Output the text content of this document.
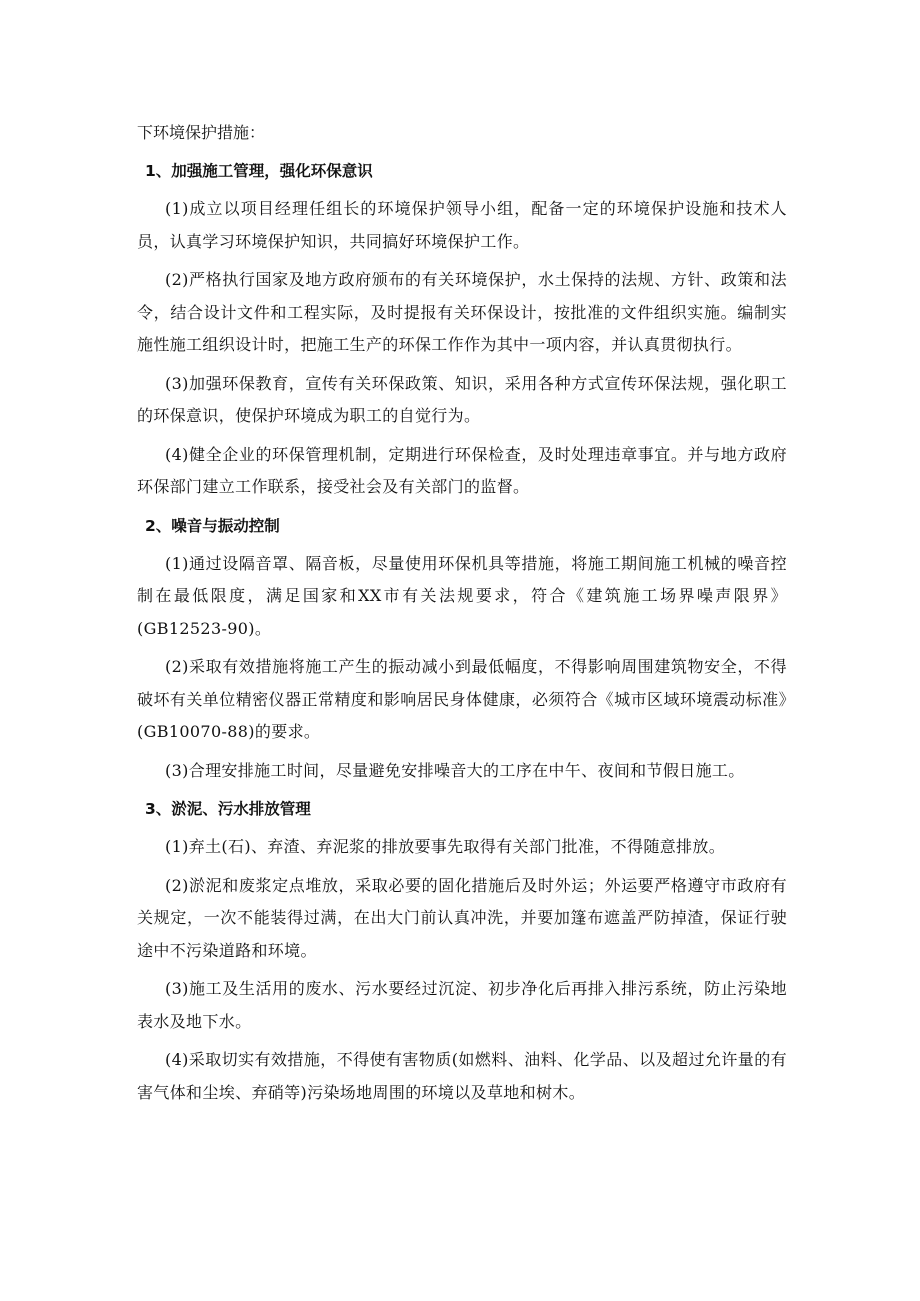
下环境保护措施：

1、加强施工管理，强化环保意识

(1)成立以项目经理任组长的环境保护领导小组，配备一定的环境保护设施和技术人员，认真学习环境保护知识，共同搞好环境保护工作。

(2)严格执行国家及地方政府颁布的有关环境保护，水土保持的法规、方针、政策和法令，结合设计文件和工程实际，及时提报有关环保设计，按批准的文件组织实施。编制实施性施工组织设计时，把施工生产的环保工作作为其中一项内容，并认真贯彻执行。

(3)加强环保教育，宣传有关环保政策、知识，采用各种方式宣传环保法规，强化职工的环保意识，使保护环境成为职工的自觉行为。

(4)健全企业的环保管理机制，定期进行环保检查，及时处理违章事宜。并与地方政府环保部门建立工作联系，接受社会及有关部门的监督。

2、噪音与振动控制

(1)通过设隔音罩、隔音板，尽量使用环保机具等措施，将施工期间施工机械的噪音控制在最低限度，满足国家和XX市有关法规要求，符合《建筑施工场界噪声限界》(GB12523-90)。

(2)采取有效措施将施工产生的振动减小到最低幅度，不得影响周围建筑物安全，不得破坏有关单位精密仪器正常精度和影响居民身体健康，必须符合《城市区域环境震动标准》(GB10070-88)的要求。

(3)合理安排施工时间，尽量避免安排噪音大的工序在中午、夜间和节假日施工。

3、淤泥、污水排放管理

(1)弃土(石)、弃渣、弃泥浆的排放要事先取得有关部门批准，不得随意排放。

(2)淤泥和废浆定点堆放，采取必要的固化措施后及时外运；外运要严格遵守市政府有关规定，一次不能装得过满，在出大门前认真冲洗，并要加篷布遮盖严防掉渣，保证行驶途中不污染道路和环境。

(3)施工及生活用的废水、污水要经过沉淀、初步净化后再排入排污系统，防止污染地表水及地下水。

(4)采取切实有效措施，不得使有害物质(如燃料、油料、化学品、以及超过允许量的有害气体和尘埃、弃硝等)污染场地周围的环境以及草地和树木。
